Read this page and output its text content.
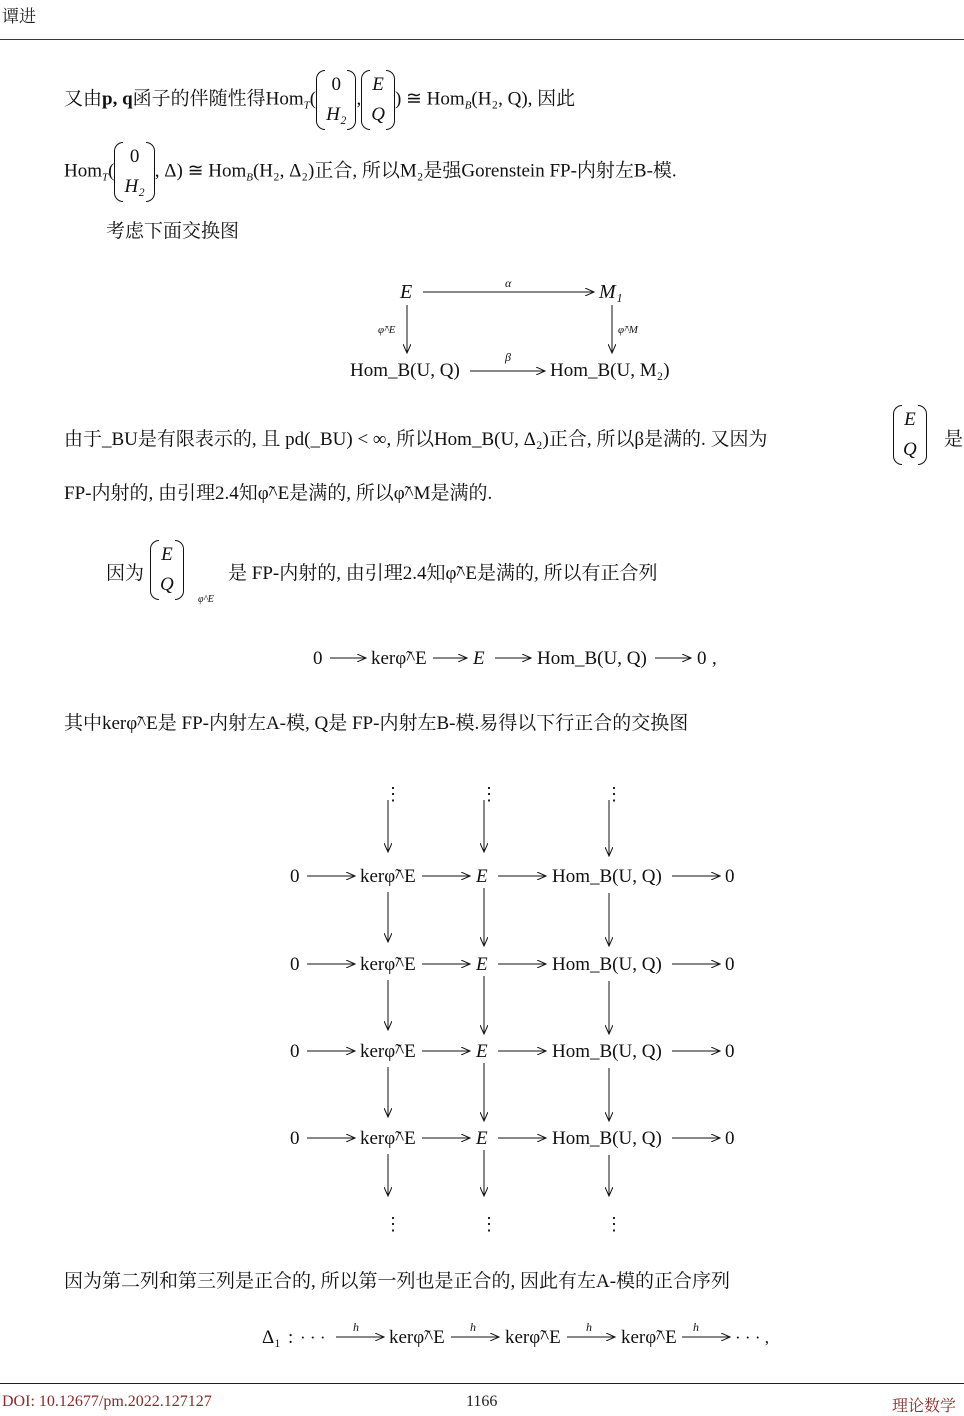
谭进
又由p, q函子的伴随性得Hom$_T$(
0
H₂
,
E
Q
) ≅ Hom$_B$(H₂, Q), 因此
Hom$_T$(
0
H₂
, Δ) ≅ Hom$_B$(H₂, Δ₂)正合, 所以M₂是强Gorenstein FP-内射左B-模.
考虑下面交换图
E	M₁
Hom_B(U, Q)	Hom_B(U, M₂)
α
β
φ̃^E	φ̃^M
由于_BU是有限表示的, 且 pd(_BU) < ∞, 所以Hom_B(U, Δ₂)正合, 所以β是满的. 又因为
E
Q 是
FP-内射的, 由引理2.4知φ̃^E是满的, 所以φ̃^M是满的.
因为
E
Q
φ^E
是 FP-内射的, 由引理2.4知φ̃^E是满的, 所以有正合列
0	kerφ̃^E E	Hom_B(U, Q)	0 ,
其中kerφ̃^E是 FP-内射左A-模, Q是 FP-内射左B-模.易得以下行正合的交换图
⋮	⋮	⋮
0	kerφ̃^E	E	Hom_B(U, Q)	0
0	kerφ̃^E	E	Hom_B(U, Q)	0
0	kerφ̃^E	E	Hom_B(U, Q)	0
0	kerφ̃^E	E	Hom_B(U, Q)	0
⋮	⋮	⋮
因为第二列和第三列是正合的, 所以第一列也是正合的, 因此有左A-模的正合序列
Δ₁ : · · ·
h kerφ̃^E h kerφ̃^E h kerφ̃^E h
· · · ,
DOI: 10.12677/pm.2022.127127	1166	理论数学
